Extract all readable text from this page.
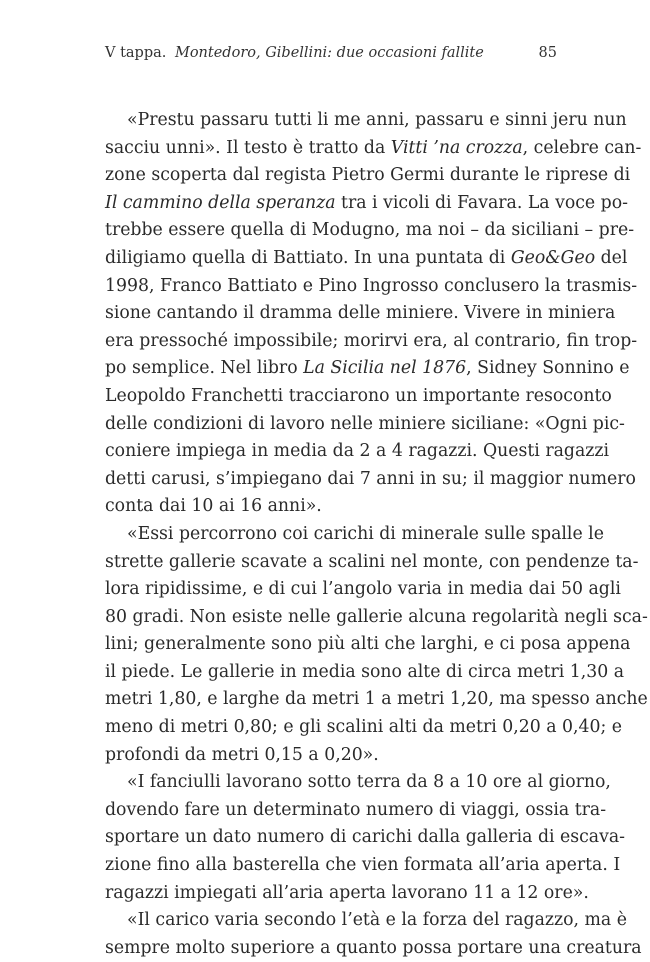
V tappa. Montedoro, Gibellini: due occasioni fallite	85
«Prestu passaru tutti li me anni, passaru e sinni jeru nun
sacciu unni». Il testo è tratto da Vitti ’na crozza, celebre can-
zone scoperta dal regista Pietro Germi durante le riprese di
Il cammino della speranza tra i vicoli di Favara. La voce po-
trebbe essere quella di Modugno, ma noi – da siciliani – pre-
diligiamo quella di Battiato. In una puntata di Geo&Geo del
1998, Franco Battiato e Pino Ingrosso conclusero la trasmis-
sione cantando il dramma delle miniere. Vivere in miniera
era pressoché impossibile; morirvi era, al contrario, fin trop-
po semplice. Nel libro La Sicilia nel 1876, Sidney Sonnino e
Leopoldo Franchetti tracciarono un importante resoconto
delle condizioni di lavoro nelle miniere siciliane: «Ogni pic-
coniere impiega in media da 2 a 4 ragazzi. Questi ragazzi
detti carusi, s’impiegano dai 7 anni in su; il maggior numero
conta dai 10 ai 16 anni».
«Essi percorrono coi carichi di minerale sulle spalle le
strette gallerie scavate a scalini nel monte, con pendenze ta-
lora ripidissime, e di cui l’angolo varia in media dai 50 agli
80 gradi. Non esiste nelle gallerie alcuna regolarità negli sca-
lini; generalmente sono più alti che larghi, e ci posa appena
il piede. Le gallerie in media sono alte di circa metri 1,30 a
metri 1,80, e larghe da metri 1 a metri 1,20, ma spesso anche
meno di metri 0,80; e gli scalini alti da metri 0,20 a 0,40; e
profondi da metri 0,15 a 0,20».
«I fanciulli lavorano sotto terra da 8 a 10 ore al giorno,
dovendo fare un determinato numero di viaggi, ossia tra-
sportare un dato numero di carichi dalla galleria di escava-
zione fino alla basterella che vien formata all’aria aperta. I
ragazzi impiegati all’aria aperta lavorano 11 a 12 ore».
«Il carico varia secondo l’età e la forza del ragazzo, ma è
sempre molto superiore a quanto possa portare una creatura
